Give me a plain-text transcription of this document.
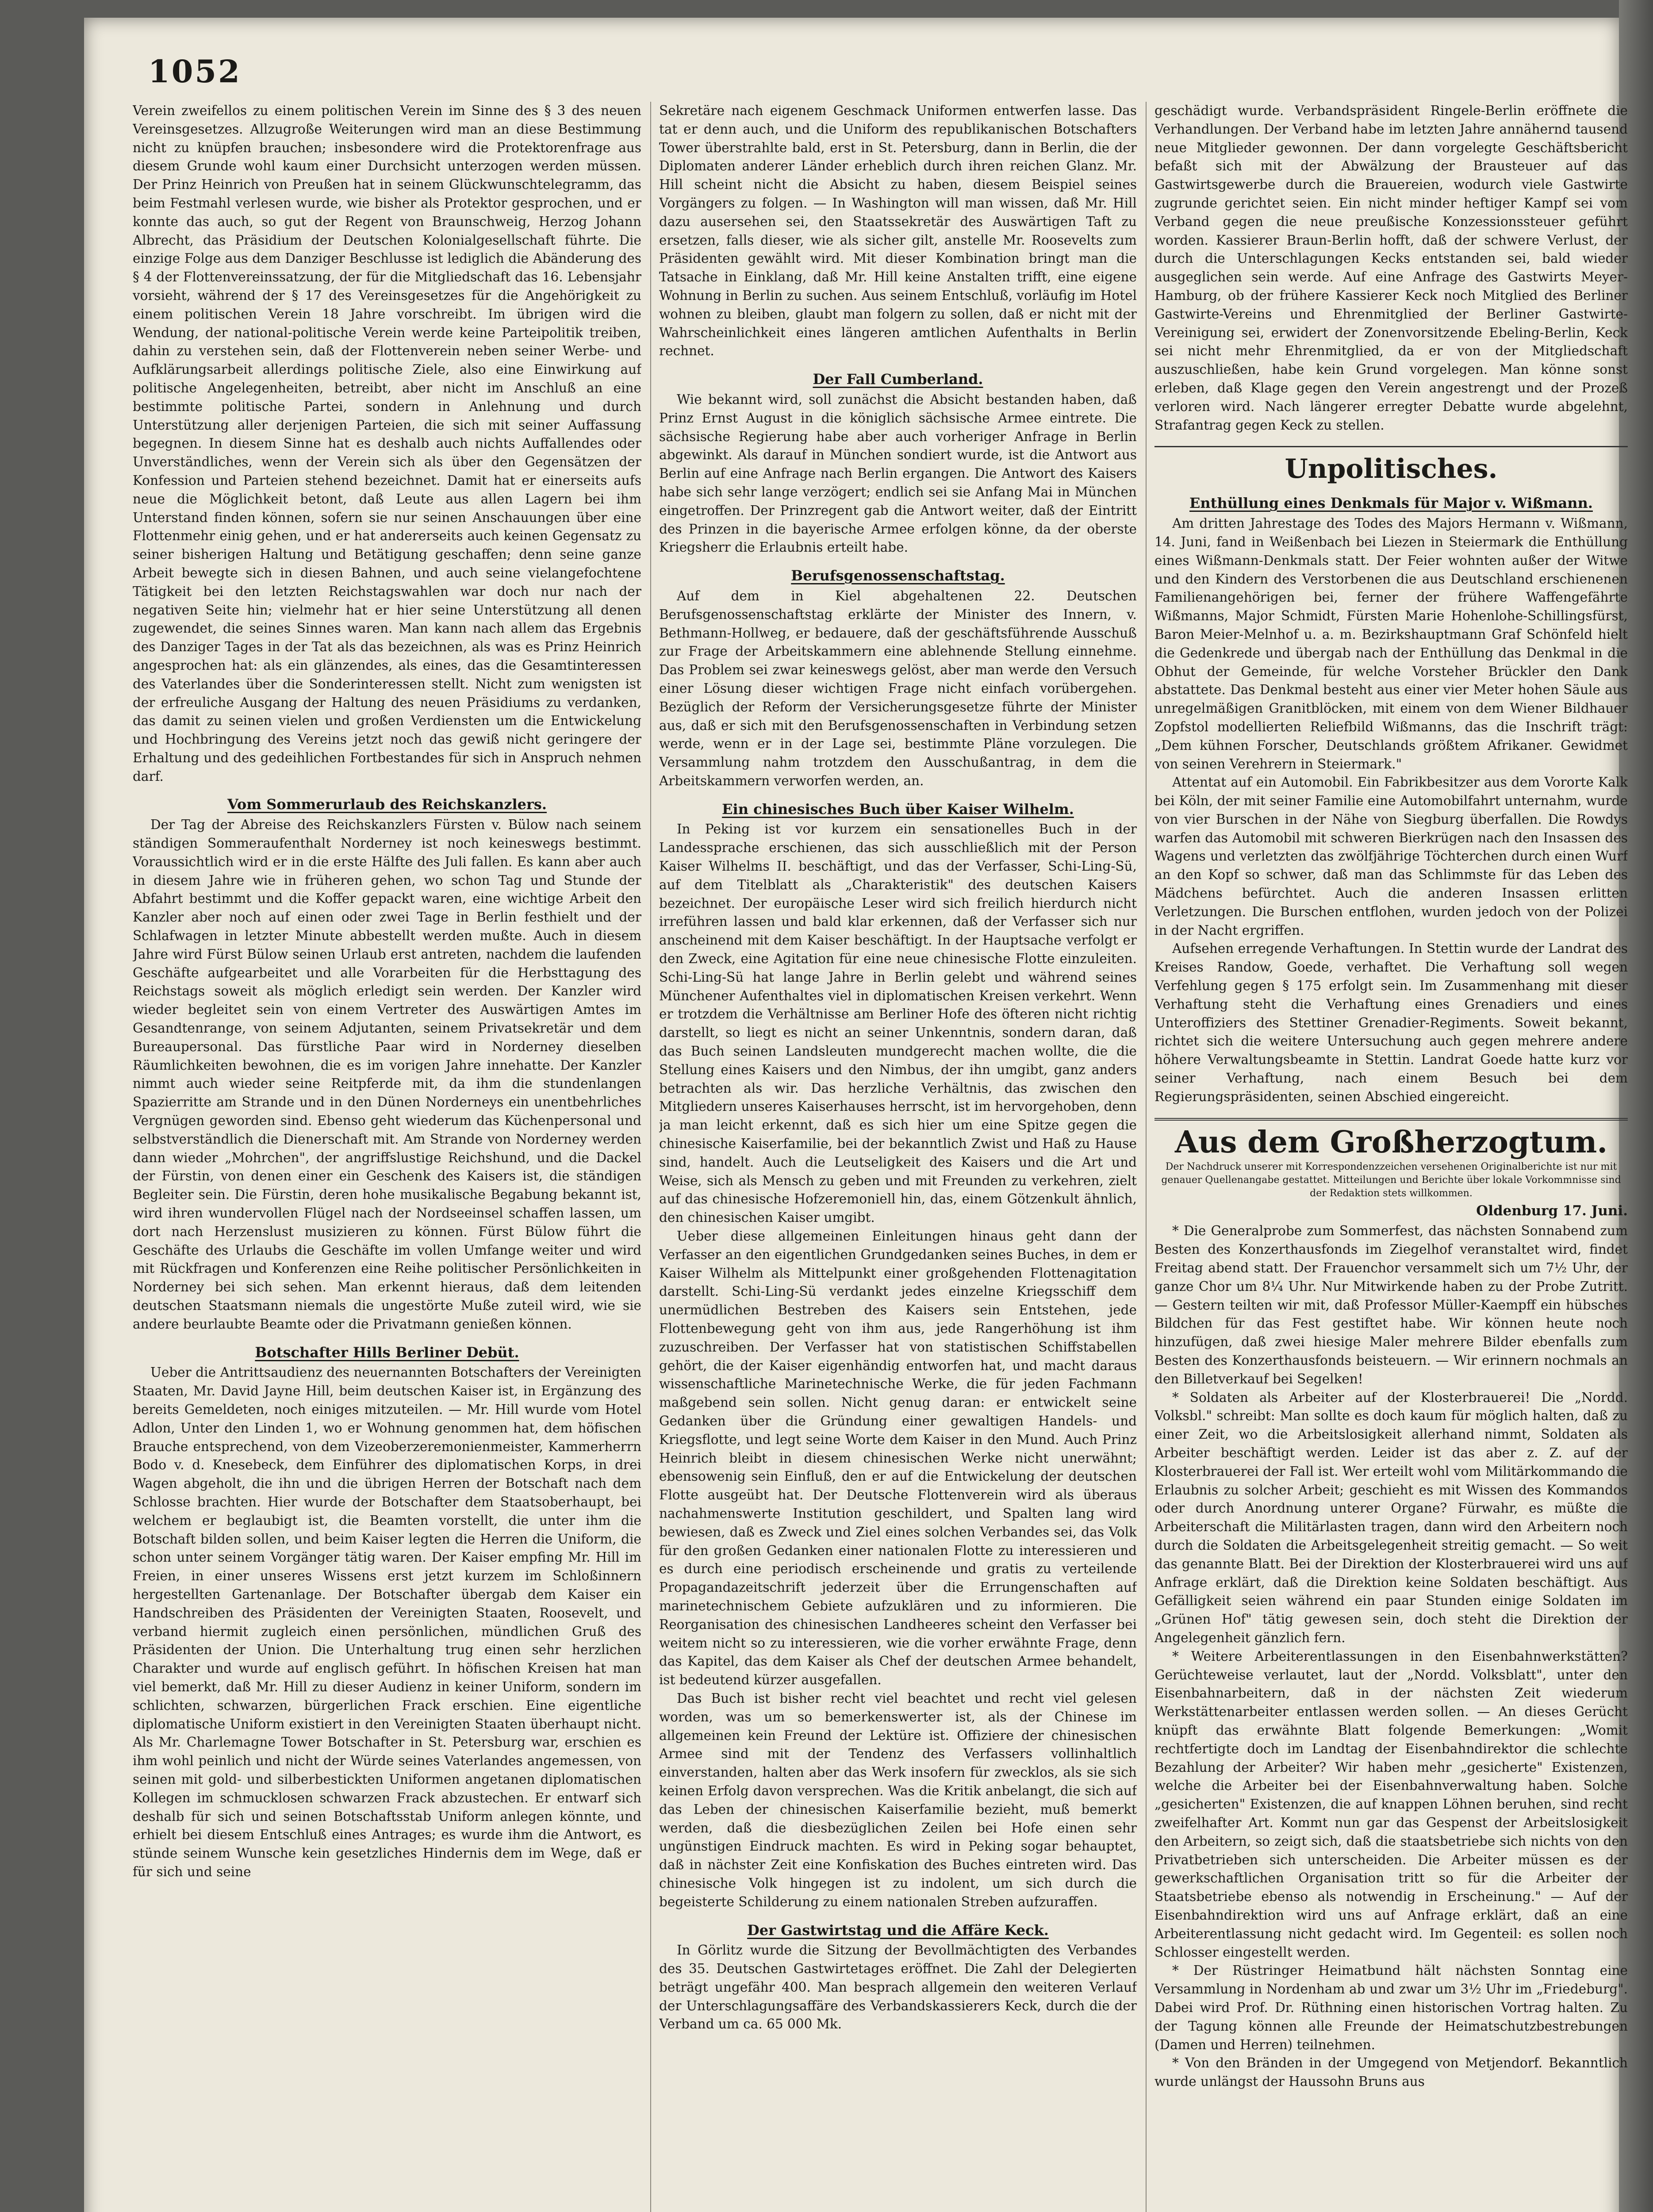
1052

Verein zweifellos zu einem politischen Verein im Sinne des § 3 des neuen Vereinsgesetzes. Allzugroße Weiterungen wird man an diese Bestimmung nicht zu knüpfen brauchen; insbesondere wird die Protektorenfrage aus diesem Grunde wohl kaum einer Durchsicht unterzogen werden müssen. Der Prinz Heinrich von Preußen hat in seinem Glückwunschtelegramm, das beim Festmahl verlesen wurde, wie bisher als Protektor gesprochen, und er konnte das auch, so gut der Regent von Braunschweig, Herzog Johann Albrecht, das Präsidium der Deutschen Kolonialgesellschaft führte. Die einzige Folge aus dem Danziger Beschlusse ist lediglich die Abänderung des § 4 der Flottenvereinssatzung, der für die Mitgliedschaft das 16. Lebensjahr vorsieht, während der § 17 des Vereinsgesetzes für die Angehörigkeit zu einem politischen Verein 18 Jahre vorschreibt. Im übrigen wird die Wendung, der national-politische Verein werde keine Parteipolitik treiben, dahin zu verstehen sein, daß der Flottenverein neben seiner Werbe- und Aufklärungsarbeit allerdings politische Ziele, also eine Einwirkung auf politische Angelegenheiten, betreibt, aber nicht im Anschluß an eine bestimmte politische Partei, sondern in Anlehnung und durch Unterstützung aller derjenigen Parteien, die sich mit seiner Auffassung begegnen. In diesem Sinne hat es deshalb auch nichts Auffallendes oder Unverständliches, wenn der Verein sich als über den Gegensätzen der Konfession und Parteien stehend bezeichnet. Damit hat er einerseits aufs neue die Möglichkeit betont, daß Leute aus allen Lagern bei ihm Unterstand finden können, sofern sie nur seinen Anschauungen über eine Flottenmehr einig gehen, und er hat andererseits auch keinen Gegensatz zu seiner bisherigen Haltung und Betätigung geschaffen; denn seine ganze Arbeit bewegte sich in diesen Bahnen, und auch seine vielangefochtene Tätigkeit bei den letzten Reichstagswahlen war doch nur nach der negativen Seite hin; vielmehr hat er hier seine Unterstützung all denen zugewendet, die seines Sinnes waren. Man kann nach allem das Ergebnis des Danziger Tages in der Tat als das bezeichnen, als was es Prinz Heinrich angesprochen hat: als ein glänzendes, als eines, das die Gesamtinteressen des Vaterlandes über die Sonderinteressen stellt. Nicht zum wenigsten ist der erfreuliche Ausgang der Haltung des neuen Präsidiums zu verdanken, das damit zu seinen vielen und großen Verdiensten um die Entwickelung und Hochbringung des Vereins jetzt noch das gewiß nicht geringere der Erhaltung und des gedeihlichen Fortbestandes für sich in Anspruch nehmen darf.

Vom Sommerurlaub des Reichskanzlers.

Der Tag der Abreise des Reichskanzlers Fürsten v. Bülow nach seinem ständigen Sommeraufenthalt Norderney ist noch keineswegs bestimmt. Voraussichtlich wird er in die erste Hälfte des Juli fallen. Es kann aber auch in diesem Jahre wie in früheren gehen, wo schon Tag und Stunde der Abfahrt bestimmt und die Koffer gepackt waren, eine wichtige Arbeit den Kanzler aber noch auf einen oder zwei Tage in Berlin festhielt und der Schlafwagen in letzter Minute abbestellt werden mußte. Auch in diesem Jahre wird Fürst Bülow seinen Urlaub erst antreten, nachdem die laufenden Geschäfte aufgearbeitet und alle Vorarbeiten für die Herbsttagung des Reichstags soweit als möglich erledigt sein werden. Der Kanzler wird wieder begleitet sein von einem Vertreter des Auswärtigen Amtes im Gesandtenrange, von seinem Adjutanten, seinem Privatsekretär und dem Bureaupersonal. Das fürstliche Paar wird in Norderney dieselben Räumlichkeiten bewohnen, die es im vorigen Jahre innehatte. Der Kanzler nimmt auch wieder seine Reitpferde mit, da ihm die stundenlangen Spazierritte am Strande und in den Dünen Norderneys ein unentbehrliches Vergnügen geworden sind. Ebenso geht wiederum das Küchenpersonal und selbstverständlich die Dienerschaft mit. Am Strande von Norderney werden dann wieder „Mohrchen", der angriffslustige Reichshund, und die Dackel der Fürstin, von denen einer ein Geschenk des Kaisers ist, die ständigen Begleiter sein. Die Fürstin, deren hohe musikalische Begabung bekannt ist, wird ihren wundervollen Flügel nach der Nordseeinsel schaffen lassen, um dort nach Herzenslust musizieren zu können. Fürst Bülow führt die Geschäfte des Urlaubs die Geschäfte im vollen Umfange weiter und wird mit Rückfragen und Konferenzen eine Reihe politischer Persönlichkeiten in Norderney bei sich sehen. Man erkennt hieraus, daß dem leitenden deutschen Staatsmann niemals die ungestörte Muße zuteil wird, wie sie andere beurlaubte Beamte oder die Privatmann genießen können.

Botschafter Hills Berliner Debüt.

Ueber die Antrittsaudienz des neuernannten Botschafters der Vereinigten Staaten, Mr. David Jayne Hill, beim deutschen Kaiser ist, in Ergänzung des bereits Gemeldeten, noch einiges mitzuteilen. — Mr. Hill wurde vom Hotel Adlon, Unter den Linden 1, wo er Wohnung genommen hat, dem höfischen Brauche entsprechend, von dem Vizeoberzeremonienmeister, Kammerherrn Bodo v. d. Knesebeck, dem Einführer des diplomatischen Korps, in drei Wagen abgeholt, die ihn und die übrigen Herren der Botschaft nach dem Schlosse brachten. Hier wurde der Botschafter dem Staatsoberhaupt, bei welchem er beglaubigt ist, die Beamten vorstellt, die unter ihm die Botschaft bilden sollen, und beim Kaiser legten die Herren die Uniform, die schon unter seinem Vorgänger tätig waren. Der Kaiser empfing Mr. Hill im Freien, in einer unseres Wissens erst jetzt kurzem im Schloßinnern hergestellten Gartenanlage. Der Botschafter übergab dem Kaiser ein Handschreiben des Präsidenten der Vereinigten Staaten, Roosevelt, und verband hiermit zugleich einen persönlichen, mündlichen Gruß des Präsidenten der Union. Die Unterhaltung trug einen sehr herzlichen Charakter und wurde auf englisch geführt. In höfischen Kreisen hat man viel bemerkt, daß Mr. Hill zu dieser Audienz in keiner Uniform, sondern im schlichten, schwarzen, bürgerlichen Frack erschien. Eine eigentliche diplomatische Uniform existiert in den Vereinigten Staaten überhaupt nicht. Als Mr. Charlemagne Tower Botschafter in St. Petersburg war, erschien es ihm wohl peinlich und nicht der Würde seines Vaterlandes angemessen, von seinen mit gold- und silberbestickten Uniformen angetanen diplomatischen Kollegen im schmucklosen schwarzen Frack abzustechen. Er entwarf sich deshalb für sich und seinen Botschaftsstab Uniform anlegen könnte, und erhielt bei diesem Entschluß eines Antrages; es wurde ihm die Antwort, es stünde seinem Wunsche kein gesetzliches Hindernis dem im Wege, daß er für sich und seine

Sekretäre nach eigenem Geschmack Uniformen entwerfen lasse. Das tat er denn auch, und die Uniform des republikanischen Botschafters Tower überstrahlte bald, erst in St. Petersburg, dann in Berlin, die der Diplomaten anderer Länder erheblich durch ihren reichen Glanz. Mr. Hill scheint nicht die Absicht zu haben, diesem Beispiel seines Vorgängers zu folgen. — In Washington will man wissen, daß Mr. Hill dazu ausersehen sei, den Staatssekretär des Auswärtigen Taft zu ersetzen, falls dieser, wie als sicher gilt, anstelle Mr. Roosevelts zum Präsidenten gewählt wird. Mit dieser Kombination bringt man die Tatsache in Einklang, daß Mr. Hill keine Anstalten trifft, eine eigene Wohnung in Berlin zu suchen. Aus seinem Entschluß, vorläufig im Hotel wohnen zu bleiben, glaubt man folgern zu sollen, daß er nicht mit der Wahrscheinlichkeit eines längeren amtlichen Aufenthalts in Berlin rechnet.

Der Fall Cumberland.

Wie bekannt wird, soll zunächst die Absicht bestanden haben, daß Prinz Ernst August in die königlich sächsische Armee eintrete. Die sächsische Regierung habe aber auch vorheriger Anfrage in Berlin abgewinkt. Als darauf in München sondiert wurde, ist die Antwort aus Berlin auf eine Anfrage nach Berlin ergangen. Die Antwort des Kaisers habe sich sehr lange verzögert; endlich sei sie Anfang Mai in München eingetroffen. Der Prinzregent gab die Antwort weiter, daß der Eintritt des Prinzen in die bayerische Armee erfolgen könne, da der oberste Kriegsherr die Erlaubnis erteilt habe.

Berufsgenossenschaftstag.

Auf dem in Kiel abgehaltenen 22. Deutschen Berufsgenossenschaftstag erklärte der Minister des Innern, v. Bethmann-Hollweg, er bedauere, daß der geschäftsführende Ausschuß zur Frage der Arbeitskammern eine ablehnende Stellung einnehme. Das Problem sei zwar keineswegs gelöst, aber man werde den Versuch einer Lösung dieser wichtigen Frage nicht einfach vorübergehen. Bezüglich der Reform der Versicherungsgesetze führte der Minister aus, daß er sich mit den Berufsgenossenschaften in Verbindung setzen werde, wenn er in der Lage sei, bestimmte Pläne vorzulegen. Die Versammlung nahm trotzdem den Ausschußantrag, in dem die Arbeitskammern verworfen werden, an.

Ein chinesisches Buch über Kaiser Wilhelm.

In Peking ist vor kurzem ein sensationelles Buch in der Landessprache erschienen, das sich ausschließlich mit der Person Kaiser Wilhelms II. beschäftigt, und das der Verfasser, Schi-Ling-Sü, auf dem Titelblatt als „Charakteristik" des deutschen Kaisers bezeichnet. Der europäische Leser wird sich freilich hierdurch nicht irreführen lassen und bald klar erkennen, daß der Verfasser sich nur anscheinend mit dem Kaiser beschäftigt. In der Hauptsache verfolgt er den Zweck, eine Agitation für eine neue chinesische Flotte einzuleiten. Schi-Ling-Sü hat lange Jahre in Berlin gelebt und während seines Münchener Aufenthaltes viel in diplomatischen Kreisen verkehrt. Wenn er trotzdem die Verhältnisse am Berliner Hofe des öfteren nicht richtig darstellt, so liegt es nicht an seiner Unkenntnis, sondern daran, daß das Buch seinen Landsleuten mundgerecht machen wollte, die die Stellung eines Kaisers und den Nimbus, der ihn umgibt, ganz anders betrachten als wir. Das herzliche Verhältnis, das zwischen den Mitgliedern unseres Kaiserhauses herrscht, ist im hervorgehoben, denn ja man leicht erkennt, daß es sich hier um eine Spitze gegen die chinesische Kaiserfamilie, bei der bekanntlich Zwist und Haß zu Hause sind, handelt. Auch die Leutseligkeit des Kaisers und die Art und Weise, sich als Mensch zu geben und mit Freunden zu verkehren, zielt auf das chinesische Hofzeremoniell hin, das, einem Götzenkult ähnlich, den chinesischen Kaiser umgibt.

Ueber diese allgemeinen Einleitungen hinaus geht dann der Verfasser an den eigentlichen Grundgedanken seines Buches, in dem er Kaiser Wilhelm als Mittelpunkt einer großgehenden Flottenagitation darstellt. Schi-Ling-Sü verdankt jedes einzelne Kriegsschiff dem unermüdlichen Bestreben des Kaisers sein Entstehen, jede Flottenbewegung geht von ihm aus, jede Rangerhöhung ist ihm zuzuschreiben. Der Verfasser hat von statistischen Schiffstabellen gehört, die der Kaiser eigenhändig entworfen hat, und macht daraus wissenschaftliche Marinetechnische Werke, die für jeden Fachmann maßgebend sein sollen. Nicht genug daran: er entwickelt seine Gedanken über die Gründung einer gewaltigen Handels- und Kriegsflotte, und legt seine Worte dem Kaiser in den Mund. Auch Prinz Heinrich bleibt in diesem chinesischen Werke nicht unerwähnt; ebensowenig sein Einfluß, den er auf die Entwickelung der deutschen Flotte ausgeübt hat. Der Deutsche Flottenverein wird als überaus nachahmenswerte Institution geschildert, und Spalten lang wird bewiesen, daß es Zweck und Ziel eines solchen Verbandes sei, das Volk für den großen Gedanken einer nationalen Flotte zu interessieren und es durch eine periodisch erscheinende und gratis zu verteilende Propagandazeitschrift jederzeit über die Errungenschaften auf marinetechnischem Gebiete aufzuklären und zu informieren. Die Reorganisation des chinesischen Landheeres scheint den Verfasser bei weitem nicht so zu interessieren, wie die vorher erwähnte Frage, denn das Kapitel, das dem Kaiser als Chef der deutschen Armee behandelt, ist bedeutend kürzer ausgefallen.

Das Buch ist bisher recht viel beachtet und recht viel gelesen worden, was um so bemerkenswerter ist, als der Chinese im allgemeinen kein Freund der Lektüre ist. Offiziere der chinesischen Armee sind mit der Tendenz des Verfassers vollinhaltlich einverstanden, halten aber das Werk insofern für zwecklos, als sie sich keinen Erfolg davon versprechen. Was die Kritik anbelangt, die sich auf das Leben der chinesischen Kaiserfamilie bezieht, muß bemerkt werden, daß die diesbezüglichen Zeilen bei Hofe einen sehr ungünstigen Eindruck machten. Es wird in Peking sogar behauptet, daß in nächster Zeit eine Konfiskation des Buches eintreten wird. Das chinesische Volk hingegen ist zu indolent, um sich durch die begeisterte Schilderung zu einem nationalen Streben aufzuraffen.

Der Gastwirtstag und die Affäre Keck.

In Görlitz wurde die Sitzung der Bevollmächtigten des Verbandes des 35. Deutschen Gastwirtetages eröffnet. Die Zahl der Delegierten beträgt ungefähr 400. Man besprach allgemein den weiteren Verlauf der Unterschlagungsaffäre des Verbandskassierers Keck, durch die der Verband um ca. 65 000 Mk.

geschädigt wurde. Verbandspräsident Ringele-Berlin eröffnete die Verhandlungen. Der Verband habe im letzten Jahre annähernd tausend neue Mitglieder gewonnen. Der dann vorgelegte Geschäftsbericht befaßt sich mit der Abwälzung der Brausteuer auf das Gastwirtsgewerbe durch die Brauereien, wodurch viele Gastwirte zugrunde gerichtet seien. Ein nicht minder heftiger Kampf sei vom Verband gegen die neue preußische Konzessionssteuer geführt worden. Kassierer Braun-Berlin hofft, daß der schwere Verlust, der durch die Unterschlagungen Kecks entstanden sei, bald wieder ausgeglichen sein werde. Auf eine Anfrage des Gastwirts Meyer-Hamburg, ob der frühere Kassierer Keck noch Mitglied des Berliner Gastwirte-Vereins und Ehrenmitglied der Berliner Gastwirte-Vereinigung sei, erwidert der Zonenvorsitzende Ebeling-Berlin, Keck sei nicht mehr Ehrenmitglied, da er von der Mitgliedschaft auszuschließen, habe kein Grund vorgelegen. Man könne sonst erleben, daß Klage gegen den Verein angestrengt und der Prozeß verloren wird. Nach längerer erregter Debatte wurde abgelehnt, Strafantrag gegen Keck zu stellen.

Unpolitisches.
Enthüllung eines Denkmals für Major v. Wißmann.

Am dritten Jahrestage des Todes des Majors Hermann v. Wißmann, 14. Juni, fand in Weißenbach bei Liezen in Steiermark die Enthüllung eines Wißmann-Denkmals statt. Der Feier wohnten außer der Witwe und den Kindern des Verstorbenen die aus Deutschland erschienenen Familienangehörigen bei, ferner der frühere Waffengefährte Wißmanns, Major Schmidt, Fürsten Marie Hohenlohe-Schillingsfürst, Baron Meier-Melnhof u. a. m. Bezirkshauptmann Graf Schönfeld hielt die Gedenkrede und übergab nach der Enthüllung das Denkmal in die Obhut der Gemeinde, für welche Vorsteher Brückler den Dank abstattete. Das Denkmal besteht aus einer vier Meter hohen Säule aus unregelmäßigen Granitblöcken, mit einem von dem Wiener Bildhauer Zopfstol modellierten Reliefbild Wißmanns, das die Inschrift trägt: „Dem kühnen Forscher, Deutschlands größtem Afrikaner. Gewidmet von seinen Verehrern in Steiermark."

Attentat auf ein Automobil. Ein Fabrikbesitzer aus dem Vororte Kalk bei Köln, der mit seiner Familie eine Automobilfahrt unternahm, wurde von vier Burschen in der Nähe von Siegburg überfallen. Die Rowdys warfen das Automobil mit schweren Bierkrügen nach den Insassen des Wagens und verletzten das zwölfjährige Töchterchen durch einen Wurf an den Kopf so schwer, daß man das Schlimmste für das Leben des Mädchens befürchtet. Auch die anderen Insassen erlitten Verletzungen. Die Burschen entflohen, wurden jedoch von der Polizei in der Nacht ergriffen.

Aufsehen erregende Verhaftungen. In Stettin wurde der Landrat des Kreises Randow, Goede, verhaftet. Die Verhaftung soll wegen Verfehlung gegen § 175 erfolgt sein. Im Zusammenhang mit dieser Verhaftung steht die Verhaftung eines Grenadiers und eines Unteroffiziers des Stettiner Grenadier-Regiments. Soweit bekannt, richtet sich die weitere Untersuchung auch gegen mehrere andere höhere Verwaltungsbeamte in Stettin. Landrat Goede hatte kurz vor seiner Verhaftung, nach einem Besuch bei dem Regierungspräsidenten, seinen Abschied eingereicht.

Aus dem Großherzogtum.
Der Nachdruck unserer mit Korrespondenzzeichen versehenen Originalberichte ist nur mit genauer Quellenangabe gestattet. Mitteilungen und Berichte über lokale Vorkommnisse sind der Redaktion stets willkommen.
Oldenburg 17. Juni.

* Die Generalprobe zum Sommerfest, das nächsten Sonnabend zum Besten des Konzerthausfonds im Ziegelhof veranstaltet wird, findet Freitag abend statt. Der Frauenchor versammelt sich um 7½ Uhr, der ganze Chor um 8¼ Uhr. Nur Mitwirkende haben zu der Probe Zutritt. — Gestern teilten wir mit, daß Professor Müller-Kaempff ein hübsches Bildchen für das Fest gestiftet habe. Wir können heute noch hinzufügen, daß zwei hiesige Maler mehrere Bilder ebenfalls zum Besten des Konzerthausfonds beisteuern. — Wir erinnern nochmals an den Billetverkauf bei Segelken!

* Soldaten als Arbeiter auf der Klosterbrauerei! Die „Nordd. Volksbl." schreibt: Man sollte es doch kaum für möglich halten, daß zu einer Zeit, wo die Arbeitslosigkeit allerhand nimmt, Soldaten als Arbeiter beschäftigt werden. Leider ist das aber z. Z. auf der Klosterbrauerei der Fall ist. Wer erteilt wohl vom Militärkommando die Erlaubnis zu solcher Arbeit; geschieht es mit Wissen des Kommandos oder durch Anordnung unterer Organe? Fürwahr, es müßte die Arbeiterschaft die Militärlasten tragen, dann wird den Arbeitern noch durch die Soldaten die Arbeitsgelegenheit streitig gemacht. — So weit das genannte Blatt. Bei der Direktion der Klosterbrauerei wird uns auf Anfrage erklärt, daß die Direktion keine Soldaten beschäftigt. Aus Gefälligkeit seien während ein paar Stunden einige Soldaten im „Grünen Hof" tätig gewesen sein, doch steht die Direktion der Angelegenheit gänzlich fern.

* Weitere Arbeiterentlassungen in den Eisenbahnwerkstätten? Gerüchteweise verlautet, laut der „Nordd. Volksblatt", unter den Eisenbahnarbeitern, daß in der nächsten Zeit wiederum Werkstättenarbeiter entlassen werden sollen. — An dieses Gerücht knüpft das erwähnte Blatt folgende Bemerkungen: „Womit rechtfertigte doch im Landtag der Eisenbahndirektor die schlechte Bezahlung der Arbeiter? Wir haben mehr „gesicherte" Existenzen, welche die Arbeiter bei der Eisenbahnverwaltung haben. Solche „gesicherten" Existenzen, die auf knappen Löhnen beruhen, sind recht zweifelhafter Art. Kommt nun gar das Gespenst der Arbeitslosigkeit den Arbeitern, so zeigt sich, daß die staatsbetriebe sich nichts von den Privatbetrieben sich unterscheiden. Die Arbeiter müssen es der gewerkschaftlichen Organisation tritt so für die Arbeiter der Staatsbetriebe ebenso als notwendig in Erscheinung." — Auf der Eisenbahndirektion wird uns auf Anfrage erklärt, daß an eine Arbeiterentlassung nicht gedacht wird. Im Gegenteil: es sollen noch Schlosser eingestellt werden.

* Der Rüstringer Heimatbund hält nächsten Sonntag eine Versammlung in Nordenham ab und zwar um 3½ Uhr im „Friedeburg". Dabei wird Prof. Dr. Rüthning einen historischen Vortrag halten. Zu der Tagung können alle Freunde der Heimatschutzbestrebungen (Damen und Herren) teilnehmen.

* Von den Bränden in der Umgegend von Metjendorf. Bekanntlich wurde unlängst der Haussohn Bruns aus
